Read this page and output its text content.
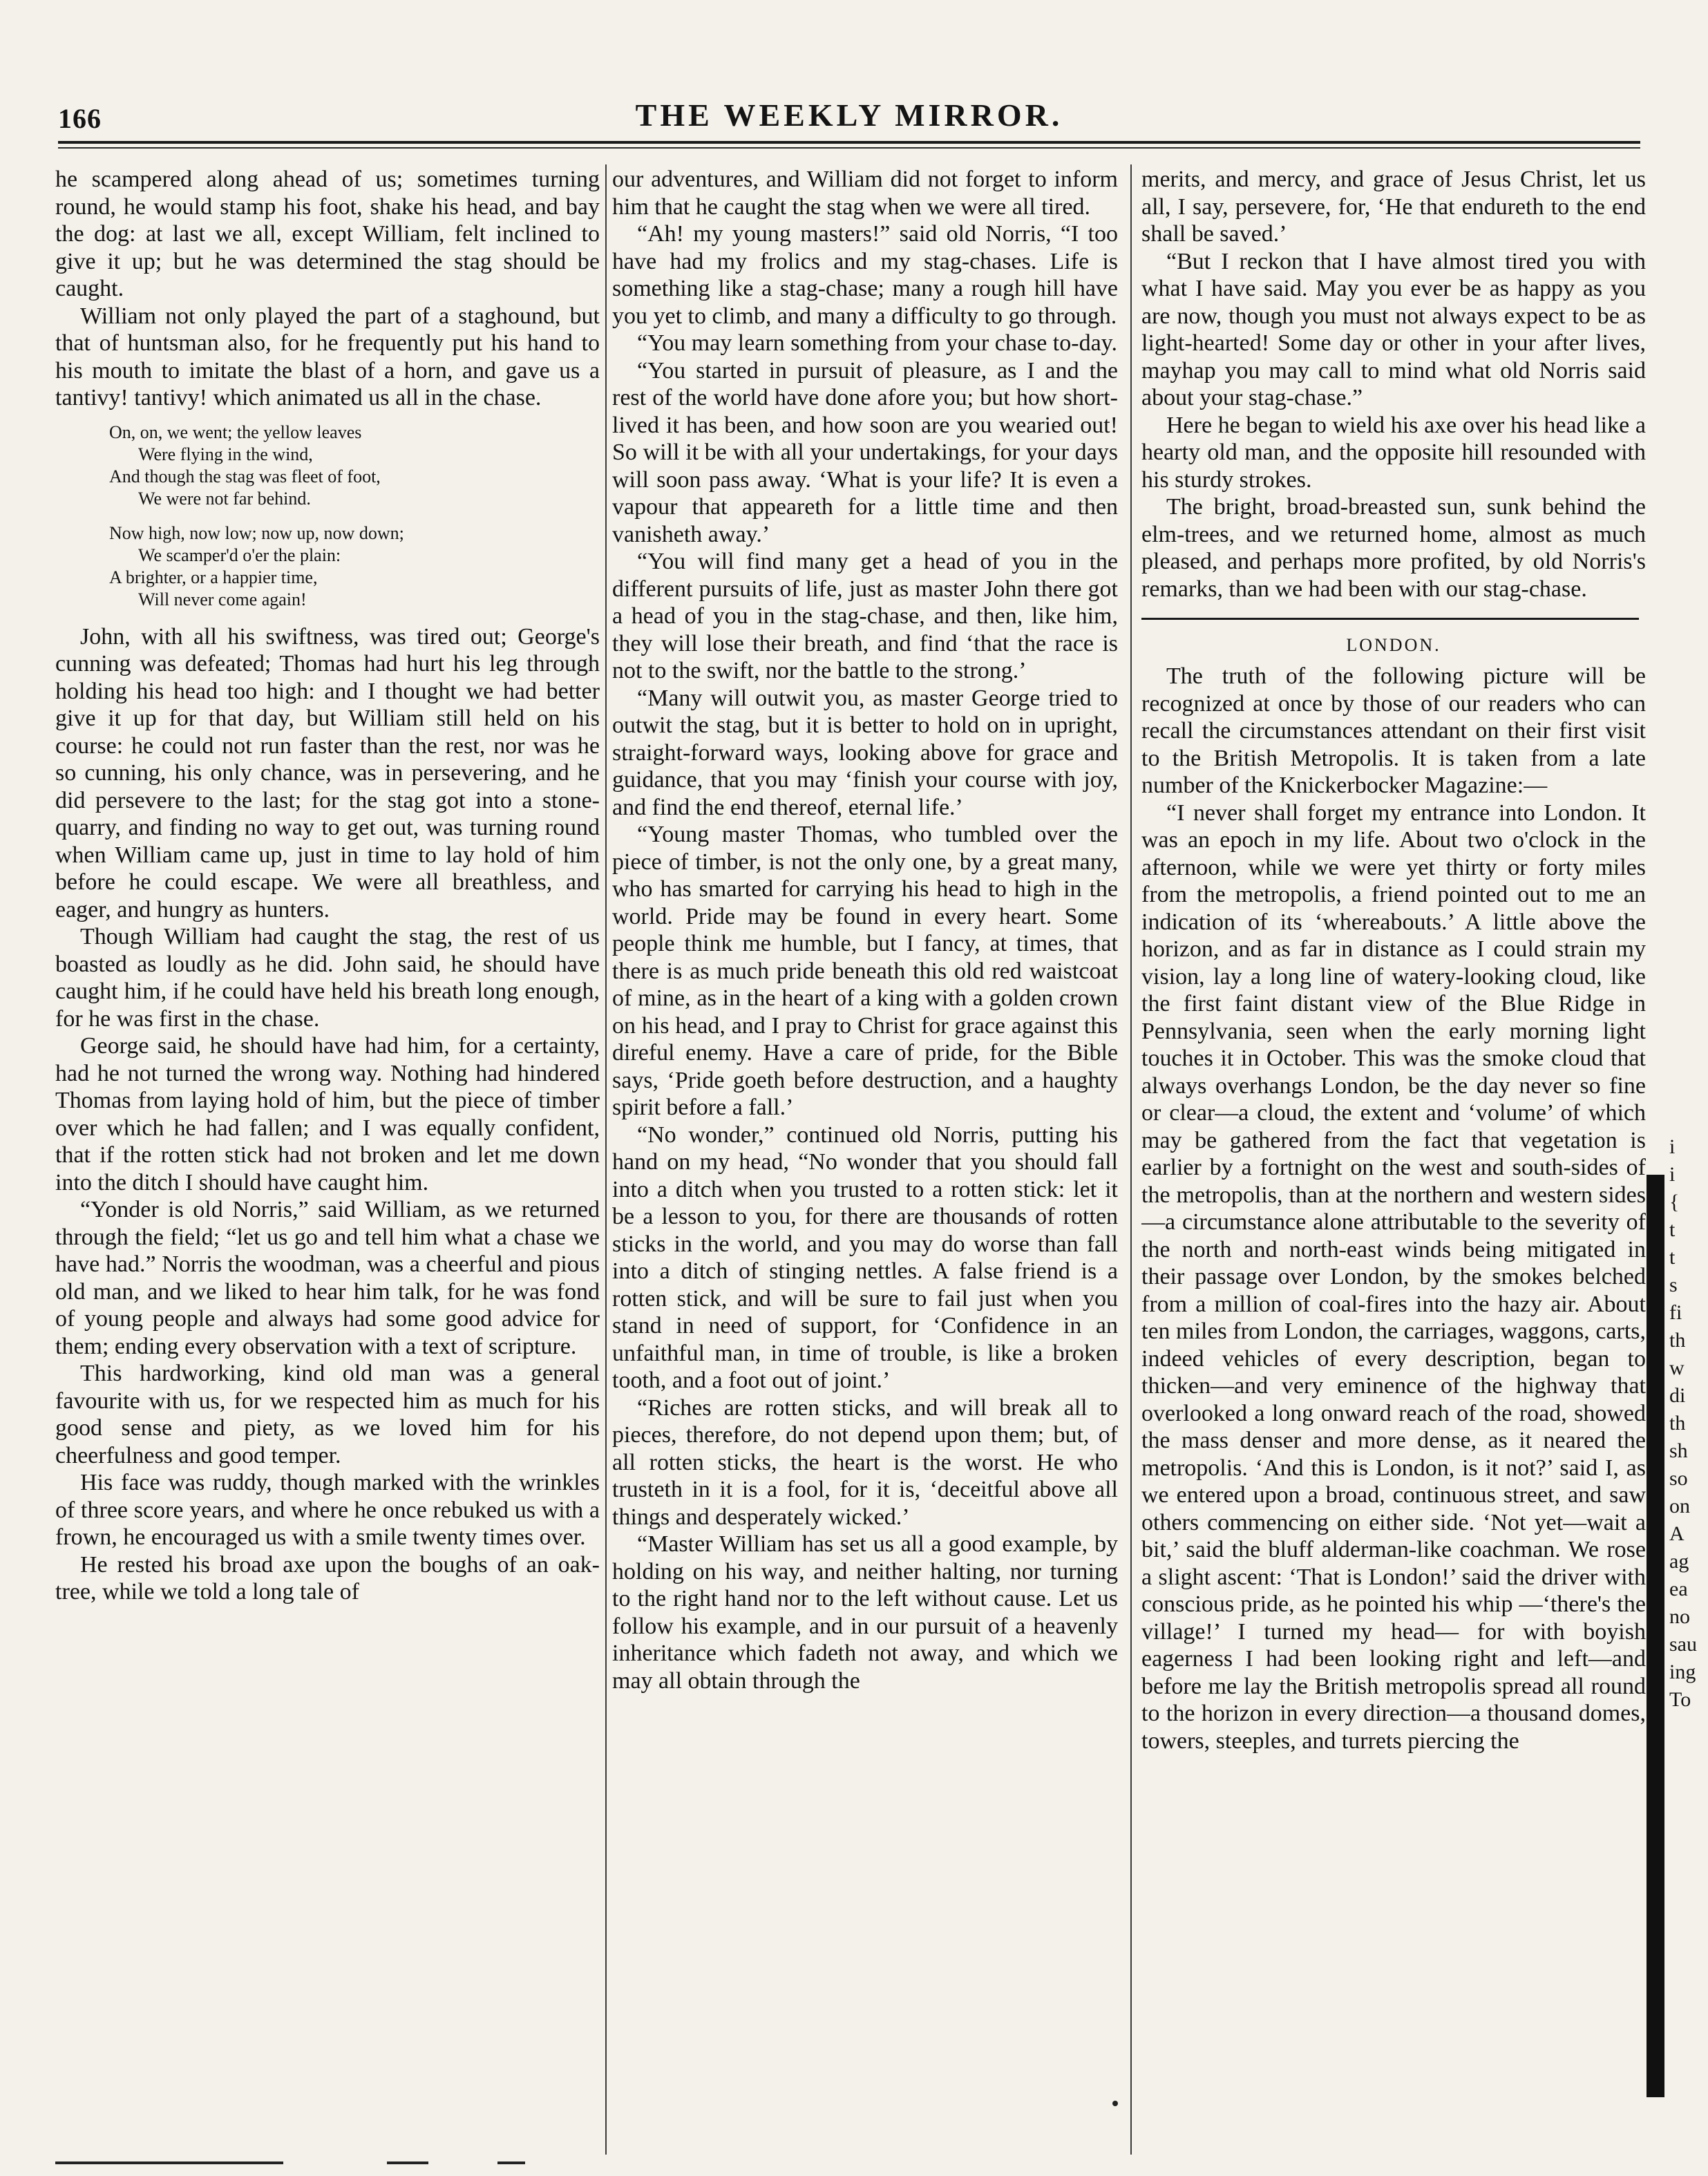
166	THE WEEKLY MIRROR.

he scampered along ahead of us; sometimes turning round, he would stamp his foot, shake his head, and bay the dog: at last we all, except William, felt inclined to give it up; but he was determined the stag should be caught.

William not only played the part of a staghound, but that of huntsman also, for he frequently put his hand to his mouth to imitate the blast of a horn, and gave us a tantivy! tantivy! which animated us all in the chase.

On, on, we went; the yellow leaves
Were flying in the wind,
And though the stag was fleet of foot,
We were not far behind.
Now high, now low; now up, now down;
We scamper'd o'er the plain:
A brighter, or a happier time,
Will never come again!

John, with all his swiftness, was tired out; George's cunning was defeated; Thomas had hurt his leg through holding his head too high: and I thought we had better give it up for that day, but William still held on his course: he could not run faster than the rest, nor was he so cunning, his only chance, was in persevering, and he did persevere to the last; for the stag got into a stone-quarry, and finding no way to get out, was turning round when William came up, just in time to lay hold of him before he could escape. We were all breathless, and eager, and hungry as hunters.

Though William had caught the stag, the rest of us boasted as loudly as he did. John said, he should have caught him, if he could have held his breath long enough, for he was first in the chase.

George said, he should have had him, for a certainty, had he not turned the wrong way. Nothing had hindered Thomas from laying hold of him, but the piece of timber over which he had fallen; and I was equally confident, that if the rotten stick had not broken and let me down into the ditch I should have caught him.

“Yonder is old Norris,” said William, as we returned through the field; “let us go and tell him what a chase we have had.” Norris the woodman, was a cheerful and pious old man, and we liked to hear him talk, for he was fond of young people and always had some good advice for them; ending every observation with a text of scripture.

This hardworking, kind old man was a general favourite with us, for we respected him as much for his good sense and piety, as we loved him for his cheerfulness and good temper.

His face was ruddy, though marked with the wrinkles of three score years, and where he once rebuked us with a frown, he encouraged us with a smile twenty times over.

He rested his broad axe upon the boughs of an oak-tree, while we told a long tale of

our adventures, and William did not forget to inform him that he caught the stag when we were all tired.

“Ah! my young masters!” said old Norris, “I too have had my frolics and my stag-chases. Life is something like a stag-chase; many a rough hill have you yet to climb, and many a difficulty to go through.

“You may learn something from your chase to-day.

“You started in pursuit of pleasure, as I and the rest of the world have done afore you; but how short-lived it has been, and how soon are you wearied out! So will it be with all your undertakings, for your days will soon pass away. ‘What is your life? It is even a vapour that appeareth for a little time and then vanisheth away.’

“You will find many get a head of you in the different pursuits of life, just as master John there got a head of you in the stag-chase, and then, like him, they will lose their breath, and find ‘that the race is not to the swift, nor the battle to the strong.’

“Many will outwit you, as master George tried to outwit the stag, but it is better to hold on in upright, straight-forward ways, looking above for grace and guidance, that you may ‘finish your course with joy, and find the end thereof, eternal life.’

“Young master Thomas, who tumbled over the piece of timber, is not the only one, by a great many, who has smarted for carrying his head to high in the world. Pride may be found in every heart. Some people think me humble, but I fancy, at times, that there is as much pride beneath this old red waistcoat of mine, as in the heart of a king with a golden crown on his head, and I pray to Christ for grace against this direful enemy. Have a care of pride, for the Bible says, ‘Pride goeth before destruction, and a haughty spirit before a fall.’

“No wonder,” continued old Norris, putting his hand on my head, “No wonder that you should fall into a ditch when you trusted to a rotten stick: let it be a lesson to you, for there are thousands of rotten sticks in the world, and you may do worse than fall into a ditch of stinging nettles. A false friend is a rotten stick, and will be sure to fail just when you stand in need of support, for ‘Confidence in an unfaithful man, in time of trouble, is like a broken tooth, and a foot out of joint.’

“Riches are rotten sticks, and will break all to pieces, therefore, do not depend upon them; but, of all rotten sticks, the heart is the worst. He who trusteth in it is a fool, for it is, ‘deceitful above all things and desperately wicked.’

“Master William has set us all a good example, by holding on his way, and neither halting, nor turning to the right hand nor to the left without cause. Let us follow his example, and in our pursuit of a heavenly inheritance which fadeth not away, and which we may all obtain through the

merits, and mercy, and grace of Jesus Christ, let us all, I say, persevere, for, ‘He that endureth to the end shall be saved.’

“But I reckon that I have almost tired you with what I have said. May you ever be as happy as you are now, though you must not always expect to be as light-hearted! Some day or other in your after lives, mayhap you may call to mind what old Norris said about your stag-chase.”

Here he began to wield his axe over his head like a hearty old man, and the opposite hill resounded with his sturdy strokes.

The bright, broad-breasted sun, sunk behind the elm-trees, and we returned home, almost as much pleased, and perhaps more profited, by old Norris's remarks, than we had been with our stag-chase.

LONDON.

The truth of the following picture will be recognized at once by those of our readers who can recall the circumstances attendant on their first visit to the British Metropolis. It is taken from a late number of the Knickerbocker Magazine:—

“I never shall forget my entrance into London. It was an epoch in my life. About two o'clock in the afternoon, while we were yet thirty or forty miles from the metropolis, a friend pointed out to me an indication of its ‘whereabouts.’ A little above the horizon, and as far in distance as I could strain my vision, lay a long line of watery-looking cloud, like the first faint distant view of the Blue Ridge in Pennsylvania, seen when the early morning light touches it in October. This was the smoke cloud that always overhangs London, be the day never so fine or clear—a cloud, the extent and ‘volume’ of which may be gathered from the fact that vegetation is earlier by a fortnight on the west and south-sides of the metropolis, than at the northern and western sides—a circumstance alone attributable to the severity of the north and north-east winds being mitigated in their passage over London, by the smokes belched from a million of coal-fires into the hazy air. About ten miles from London, the carriages, waggons, carts, indeed vehicles of every description, began to thicken—and very eminence of the highway that overlooked a long onward reach of the road, showed the mass denser and more dense, as it neared the metropolis. ‘And this is London, is it not?’ said I, as we entered upon a broad, continuous street, and saw others commencing on either side. ‘Not yet—wait a bit,’ said the bluff alderman-like coachman. We rose a slight ascent: ‘That is London!’ said the driver with conscious pride, as he pointed his whip —‘there's the village!’ I turned my head— for with boyish eagerness I had been looking right and left—and before me lay the British metropolis spread all round to the horizon in every direction—a thousand domes, towers, steeples, and turrets piercing the

i
i
{
t
t
s
fi
th
w
di
th
sh
so
on
A
ag
ea
no
sau
ing
To
